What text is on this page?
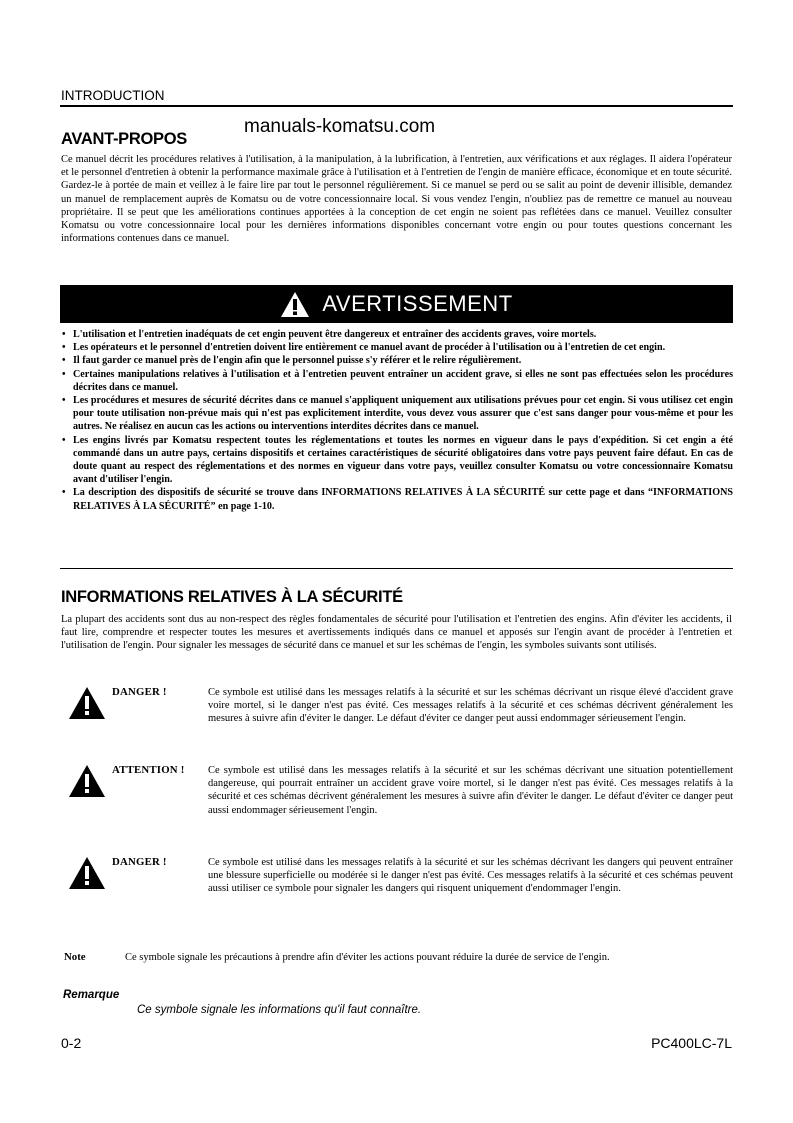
INTRODUCTION
manuals-komatsu.com
AVANT-PROPOS
Ce manuel décrit les procédures relatives à l'utilisation, à la manipulation, à la lubrification, à l'entretien, aux vérifications et aux réglages. Il aidera l'opérateur et le personnel d'entretien à obtenir la performance maximale grâce à l'utilisation et à l'entretien de l'engin de manière efficace, économique et en toute sécurité. Gardez-le à portée de main et veillez à le faire lire par tout le personnel régulièrement. Si ce manuel se perd ou se salit au point de devenir illisible, demandez un manuel de remplacement auprès de Komatsu ou de votre concessionnaire local. Si vous vendez l'engin, n'oubliez pas de remettre ce manuel au nouveau propriétaire. Il se peut que les améliorations continues apportées à la conception de cet engin ne soient pas reflétées dans ce manuel. Veuillez consulter Komatsu ou votre concessionnaire local pour les dernières informations disponibles concernant votre engin ou pour toutes questions concernant les informations contenues dans ce manuel.
AVERTISSEMENT
• L'utilisation et l'entretien inadéquats de cet engin peuvent être dangereux et entraîner des accidents graves, voire mortels.
• Les opérateurs et le personnel d'entretien doivent lire entièrement ce manuel avant de procéder à l'utilisation ou à l'entretien de cet engin.
• Il faut garder ce manuel près de l'engin afin que le personnel puisse s'y référer et le relire régulièrement.
• Certaines manipulations relatives à l'utilisation et à l'entretien peuvent entraîner un accident grave, si elles ne sont pas effectuées selon les procédures décrites dans ce manuel.
• Les procédures et mesures de sécurité décrites dans ce manuel s'appliquent uniquement aux utilisations prévues pour cet engin. Si vous utilisez cet engin pour toute utilisation non-prévue mais qui n'est pas explicitement interdite, vous devez vous assurer que c'est sans danger pour vous-même et pour les autres. Ne réalisez en aucun cas les actions ou interventions interdites décrites dans ce manuel.
• Les engins livrés par Komatsu respectent toutes les réglementations et toutes les normes en vigueur dans le pays d'expédition. Si cet engin a été commandé dans un autre pays, certains dispositifs et certaines caractéristiques de sécurité obligatoires dans votre pays peuvent faire défaut. En cas de doute quant au respect des réglementations et des normes en vigueur dans votre pays, veuillez consulter Komatsu ou votre concessionnaire Komatsu avant d'utiliser l'engin.
• La description des dispositifs de sécurité se trouve dans INFORMATIONS RELATIVES À LA SÉCURITÉ sur cette page et dans “INFORMATIONS RELATIVES À LA SÉCURITÉ” en page 1-10.
INFORMATIONS RELATIVES À LA SÉCURITÉ
La plupart des accidents sont dus au non-respect des règles fondamentales de sécurité pour l'utilisation et l'entretien des engins. Afin d'éviter les accidents, il faut lire, comprendre et respecter toutes les mesures et avertissements indiqués dans ce manuel et apposés sur l'engin avant de procéder à l'entretien et l'utilisation de l'engin. Pour signaler les messages de sécurité dans ce manuel et sur les schémas de l'engin, les symboles suivants sont utilisés.
DANGER !	Ce symbole est utilisé dans les messages relatifs à la sécurité et sur les schémas décrivant un risque élevé d'accident grave voire mortel, si le danger n'est pas évité. Ces messages relatifs à la sécurité et ces schémas décrivent généralement les mesures à suivre afin d'éviter le danger. Le défaut d'éviter ce danger peut aussi endommager sérieusement l'engin.
ATTENTION ! Ce symbole est utilisé dans les messages relatifs à la sécurité et sur les schémas décrivant une situation potentiellement dangereuse, qui pourrait entraîner un accident grave voire mortel, si le danger n'est pas évité. Ces messages relatifs à la sécurité et ces schémas décrivent généralement les mesures à suivre afin d'éviter le danger. Le défaut d'éviter ce danger peut aussi endommager sérieusement l'engin.
DANGER !	Ce symbole est utilisé dans les messages relatifs à la sécurité et sur les schémas décrivant les dangers qui peuvent entraîner une blessure superficielle ou modérée si le danger n'est pas évité. Ces messages relatifs à la sécurité et ces schémas peuvent aussi utiliser ce symbole pour signaler les dangers qui risquent uniquement d'endommager l'engin.
Note	Ce symbole signale les précautions à prendre afin d'éviter les actions pouvant réduire la durée de service de l'engin.
Remarque
Ce symbole signale les informations qu'il faut connaître.
0-2	PC400LC-7L
